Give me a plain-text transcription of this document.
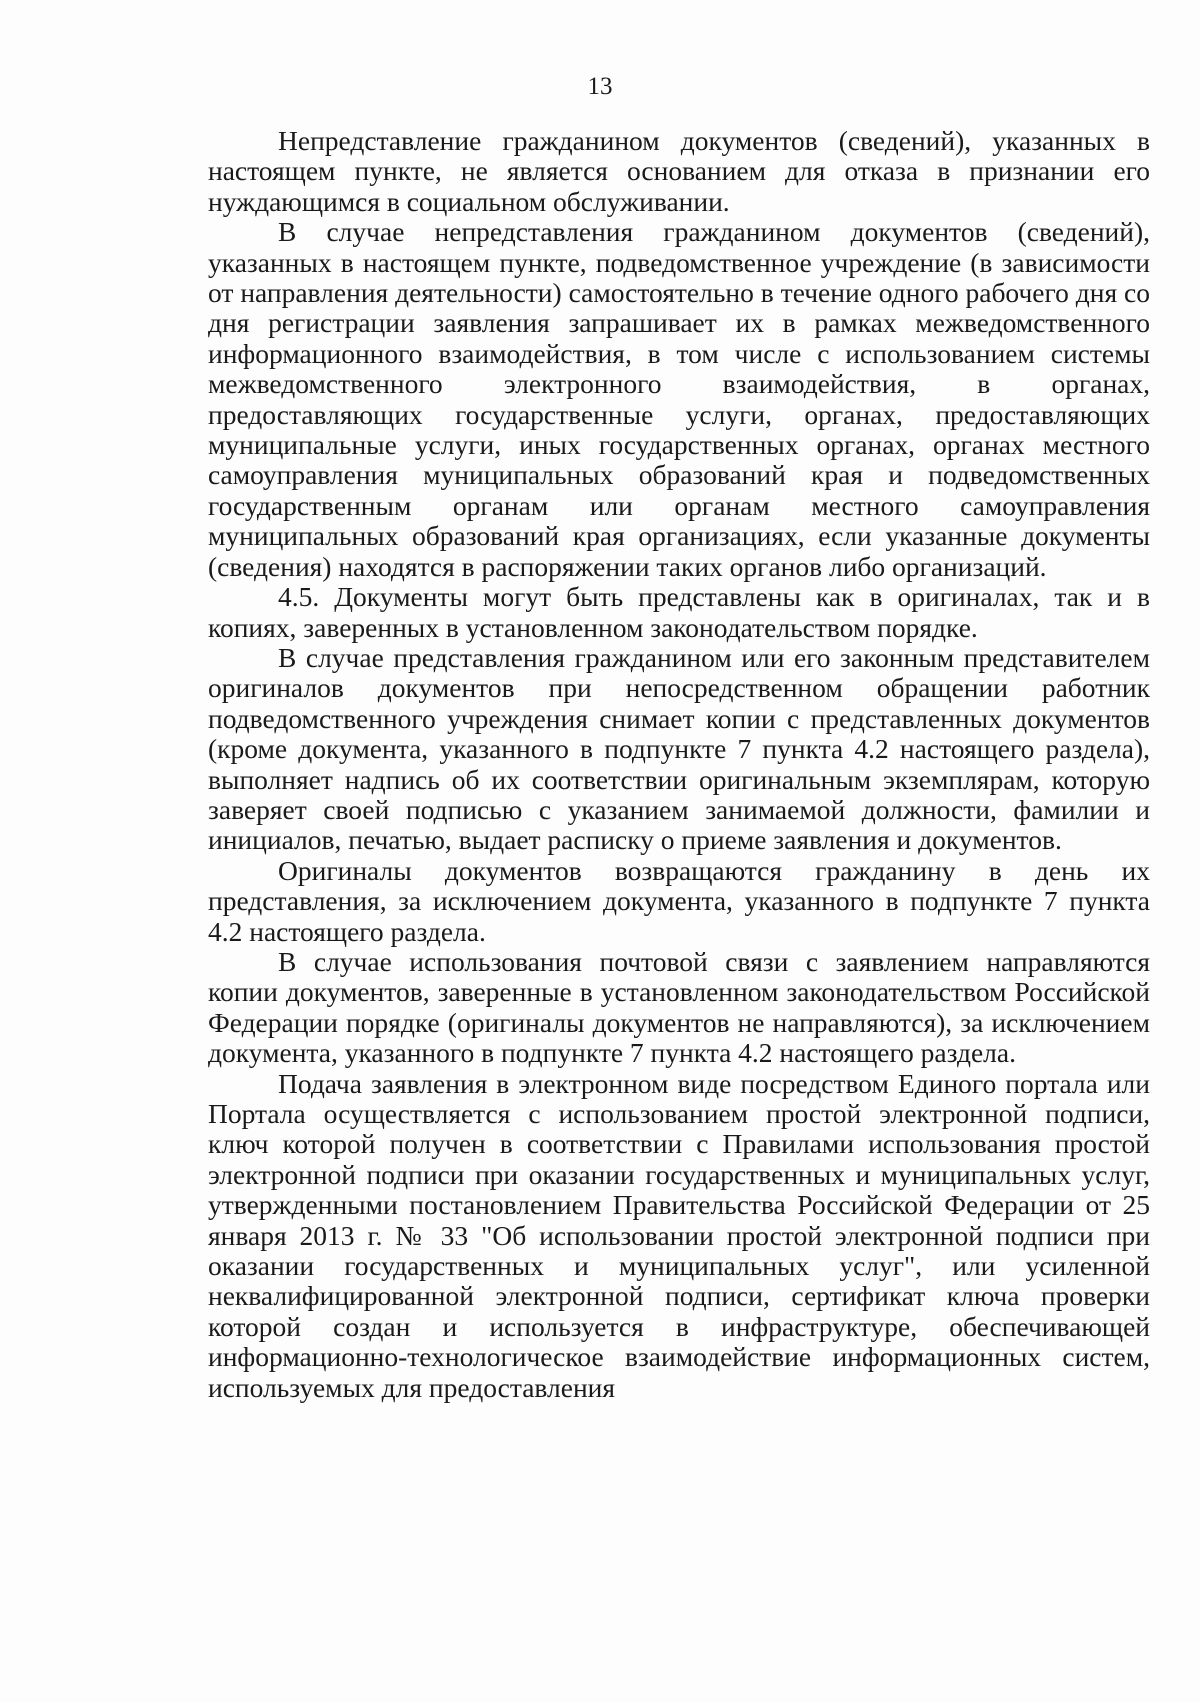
13

Непредставление гражданином документов (сведений), указанных в настоящем пункте, не является основанием для отказа в признании его нуждающимся в социальном обслуживании.

В случае непредставления гражданином документов (сведений), указанных в настоящем пункте, подведомственное учреждение (в зависимости от направления деятельности) самостоятельно в течение одного рабочего дня со дня регистрации заявления запрашивает их в рамках межведомственного информационного взаимодействия, в том числе с использованием системы межведомственного электронного взаимодействия, в органах, предоставляющих государственные услуги, органах, предоставляющих муниципальные услуги, иных государственных органах, органах местного самоуправления муниципальных образований края и подведомственных государственным органам или органам местного самоуправления муниципальных образований края организациях, если указанные документы (сведения) находятся в распоряжении таких органов либо организаций.

4.5. Документы могут быть представлены как в оригиналах, так и в копиях, заверенных в установленном законодательством порядке.

В случае представления гражданином или его законным представителем оригиналов документов при непосредственном обращении работник подведомственного учреждения снимает копии с представленных документов (кроме документа, указанного в подпункте 7 пункта 4.2 настоящего раздела), выполняет надпись об их соответствии оригинальным экземплярам, которую заверяет своей подписью с указанием занимаемой должности, фамилии и инициалов, печатью, выдает расписку о приеме заявления и документов.

Оригиналы документов возвращаются гражданину в день их представления, за исключением документа, указанного в подпункте 7 пункта 4.2 настоящего раздела.

В случае использования почтовой связи с заявлением направляются копии документов, заверенные в установленном законодательством Российской Федерации порядке (оригиналы документов не направляются), за исключением документа, указанного в подпункте 7 пункта 4.2 настоящего раздела.

Подача заявления в электронном виде посредством Единого портала или Портала осуществляется с использованием простой электронной подписи, ключ которой получен в соответствии с Правилами использования простой электронной подписи при оказании государственных и муниципальных услуг, утвержденными постановлением Правительства Российской Федерации от 25 января 2013 г. № 33 "Об использовании простой электронной подписи при оказании государственных и муниципальных услуг", или усиленной неквалифицированной электронной подписи, сертификат ключа проверки которой создан и используется в инфраструктуре, обеспечивающей информационно-технологическое взаимодействие информационных систем, используемых для предоставления
